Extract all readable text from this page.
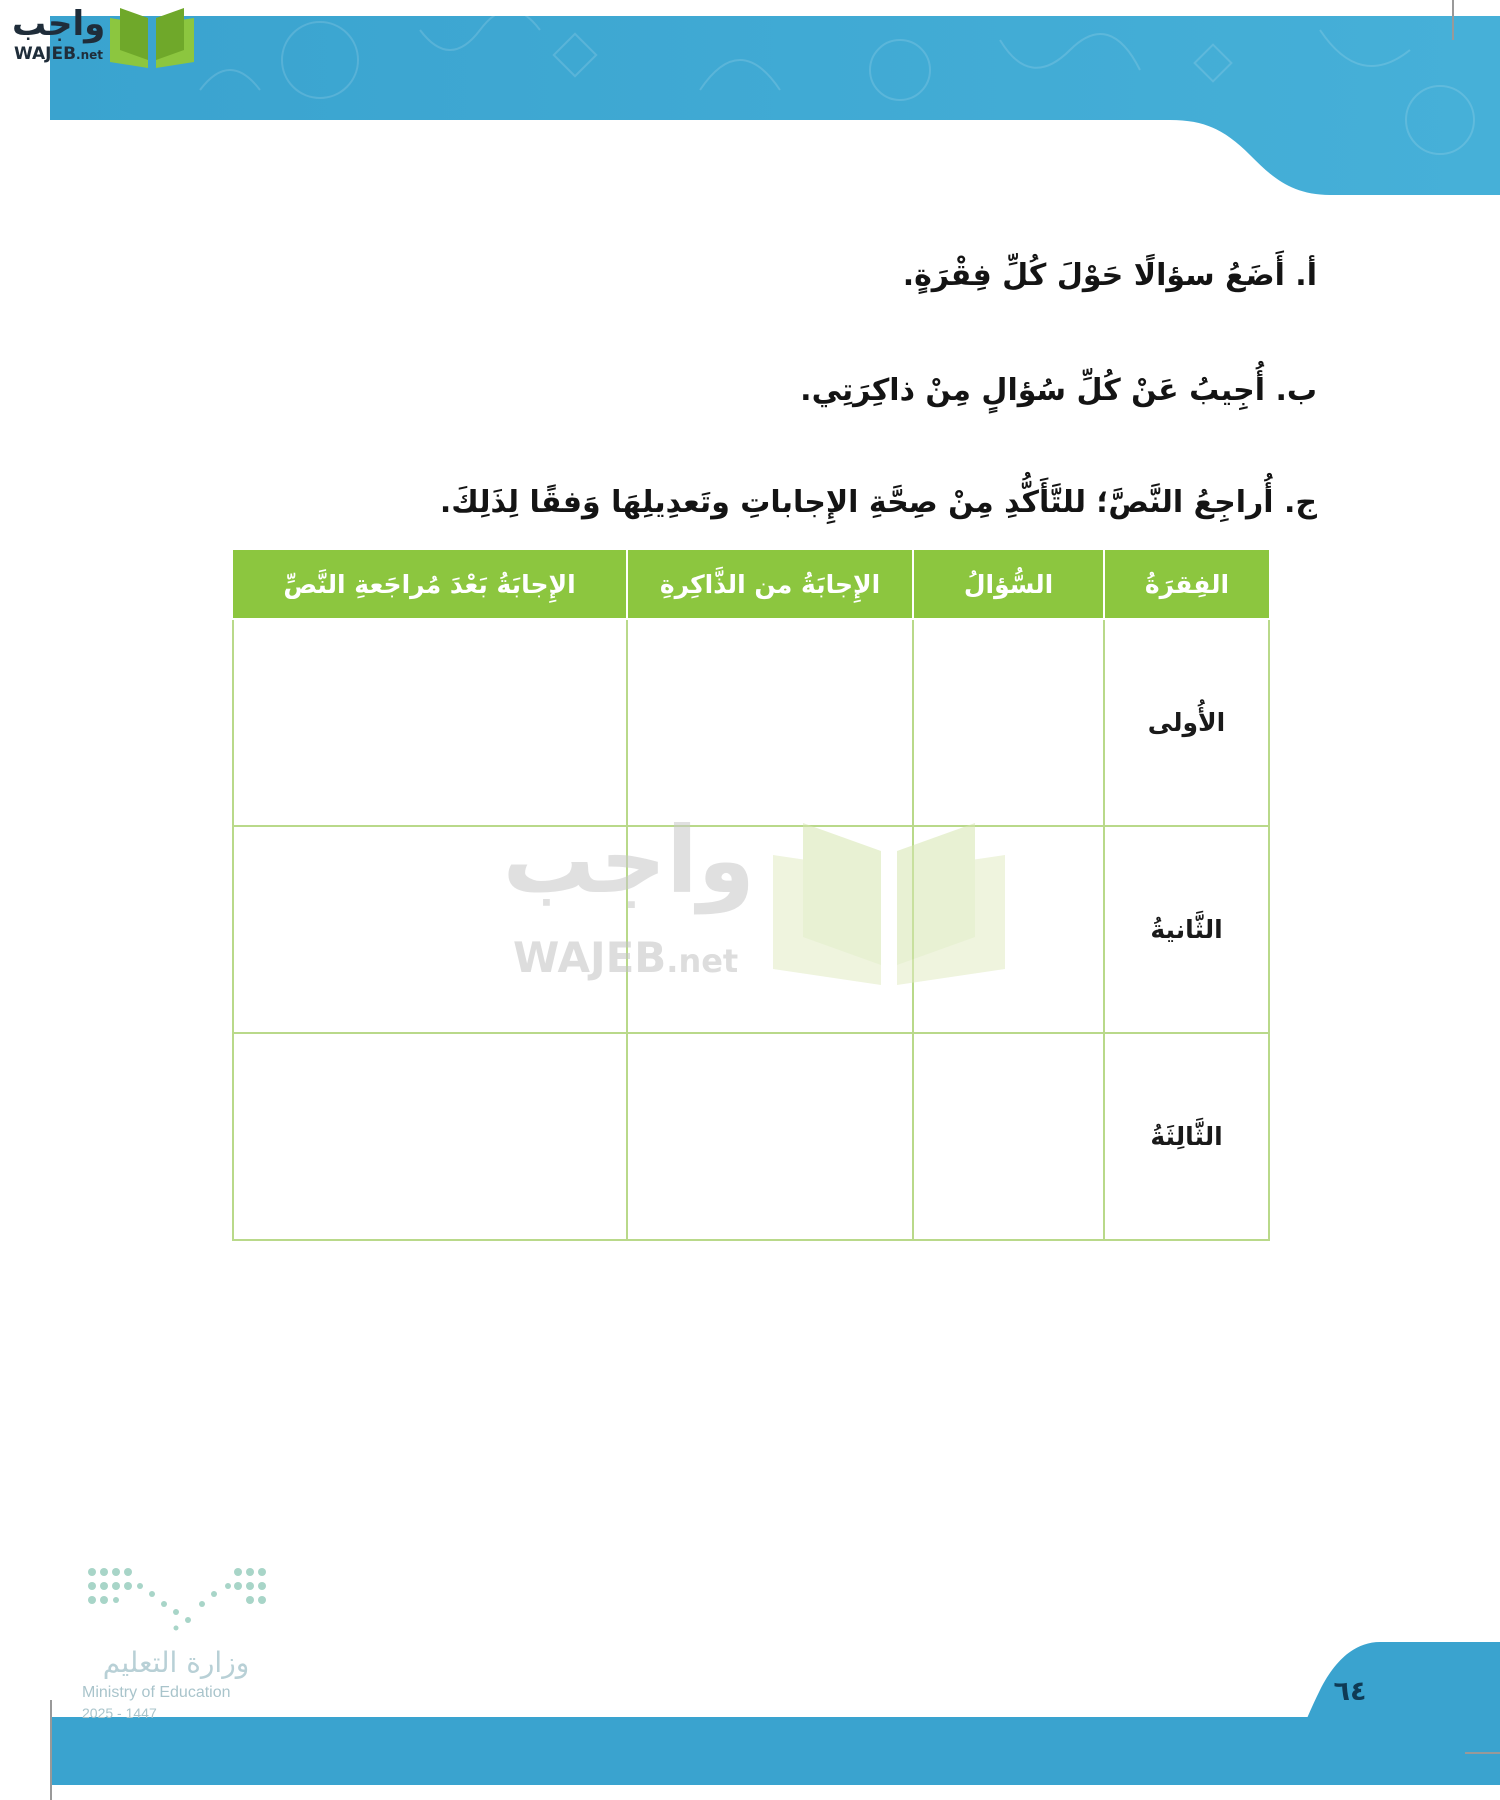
واجب
WAJEB.net
أ. أَضَعُ سؤالًا حَوْلَ كُلِّ فِقْرَةٍ.
ب. أُجِيبُ عَنْ كُلِّ سُؤالٍ مِنْ ذاكِرَتِي.
ج. أُراجِعُ النَّصَّ؛ للتَّأَكُّدِ مِنْ صِحَّةِ الإِجاباتِ وتَعدِيلِهَا وَفقًا لِذَلِكَ.
الفِقرَةُ	السُّؤالُ	الإِجابَةُ من الذَّاكِرةِ	الإِجابَةُ بَعْدَ مُراجَعةِ النَّصِّ
الأُولى			
الثَّانيةُ			
الثَّالِثَةُ			
واجب
WAJEB.net
وزارة التعليم
Ministry of Education
2025 - 1447
٦٤
